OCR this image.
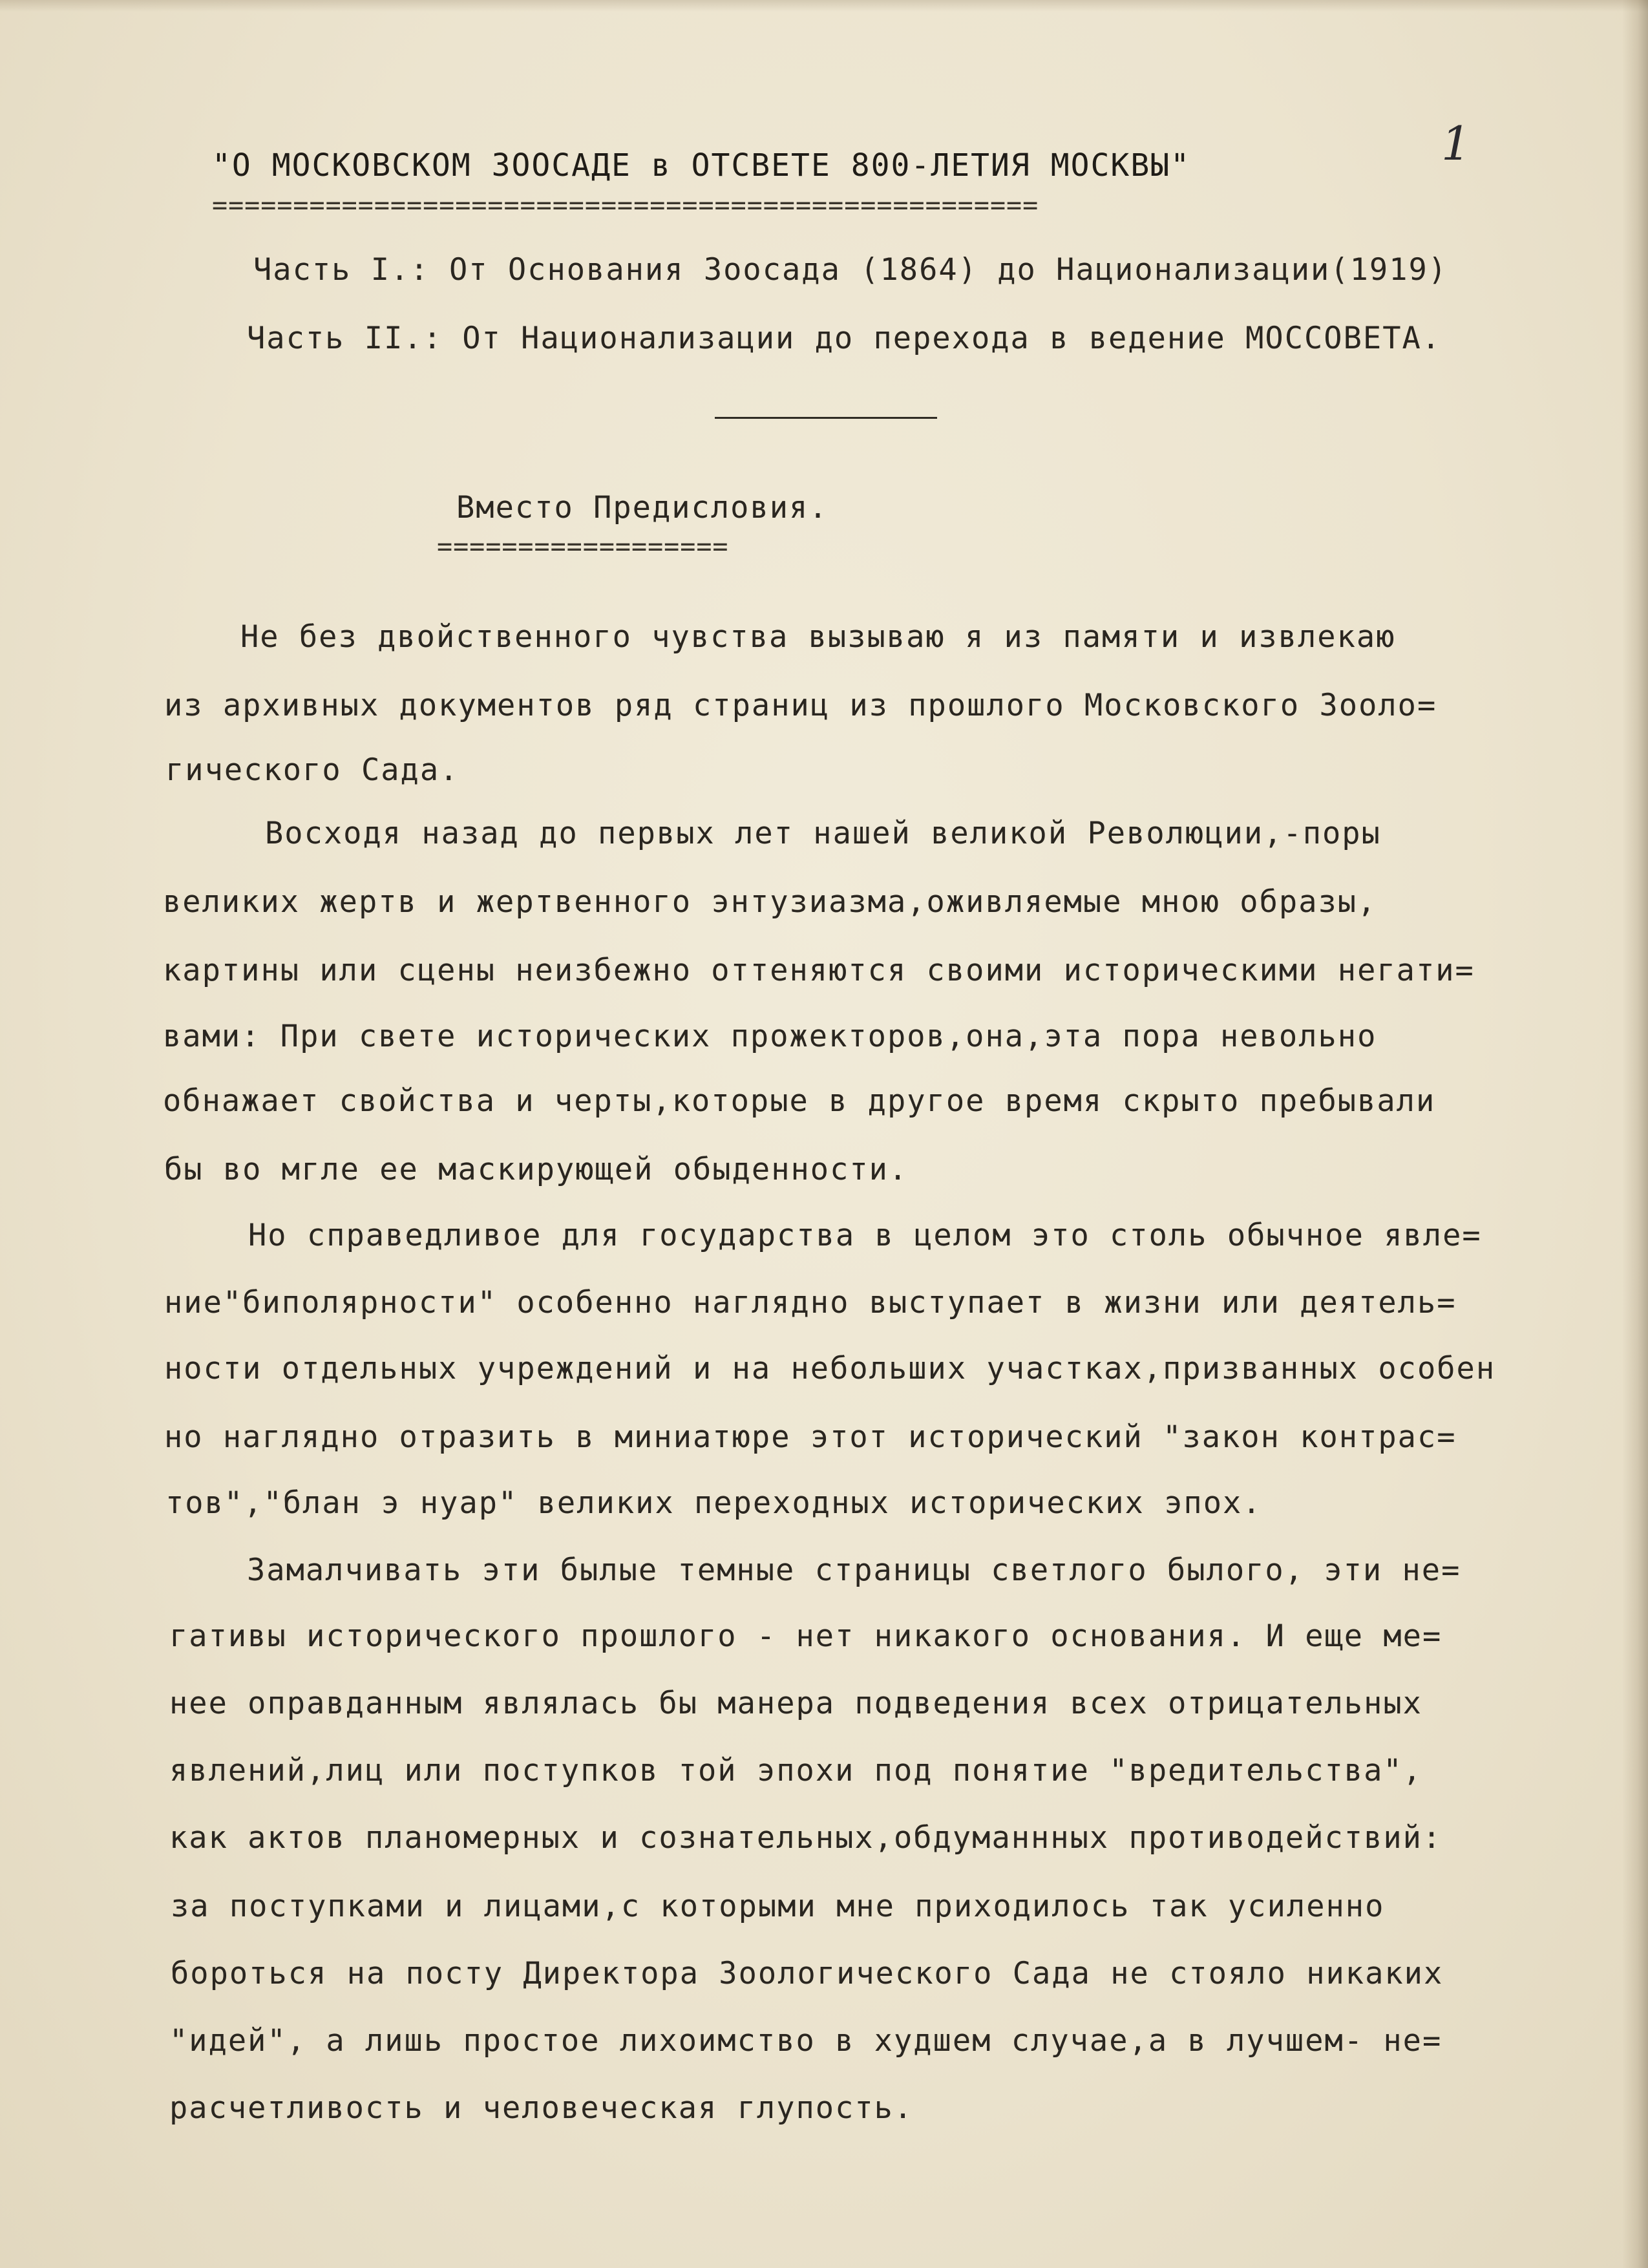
1
"О МОСКОВСКОМ ЗООСАДЕ в ОТСВЕТЕ 800-ЛЕТИЯ МОСКВЫ"
===================================================
Часть I.: От Основания Зоосада (1864) до Национализации(1919)
Часть II.: От Национализации до перехода в ведение МОССОВЕТА.
Вместо Предисловия.
==================
Не без двойственного чувства вызываю я из памяти и извлекаю
из архивных документов ряд страниц из прошлого Московского Зооло=
гического Сада.
Восходя назад до первых лет нашей великой Революции,-поры
великих жертв и жертвенного энтузиазма,оживляемые мною образы,
картины или сцены неизбежно оттеняются своими историческими негати=
вами: При свете исторических прожекторов,она,эта пора невольно
обнажает свойства и черты,которые в другое время скрыто пребывали
бы во мгле ее маскирующей обыденности.
Но справедливое для государства в целом это столь обычное явле=
ние"биполярности" особенно наглядно выступает в жизни или деятель=
ности отдельных учреждений и на небольших участках,призванных особен
но наглядно отразить в миниатюре этот исторический "закон контрас=
тов","блан э нуар" великих переходных исторических эпох.
Замалчивать эти былые темные страницы светлого былого, эти не=
гативы исторического прошлого - нет никакого основания. И еще ме=
нее оправданным являлась бы манера подведения всех отрицательных
явлений,лиц или поступков той эпохи под понятие "вредительства",
как актов планомерных и сознательных,обдуманнных противодействий:
за поступками и лицами,с которыми мне приходилось так усиленно
бороться на посту Директора Зоологического Сада не стояло никаких
"идей", а лишь простое лихоимство в худшем случае,а в лучшем- не=
расчетливость и человеческая глупость.
